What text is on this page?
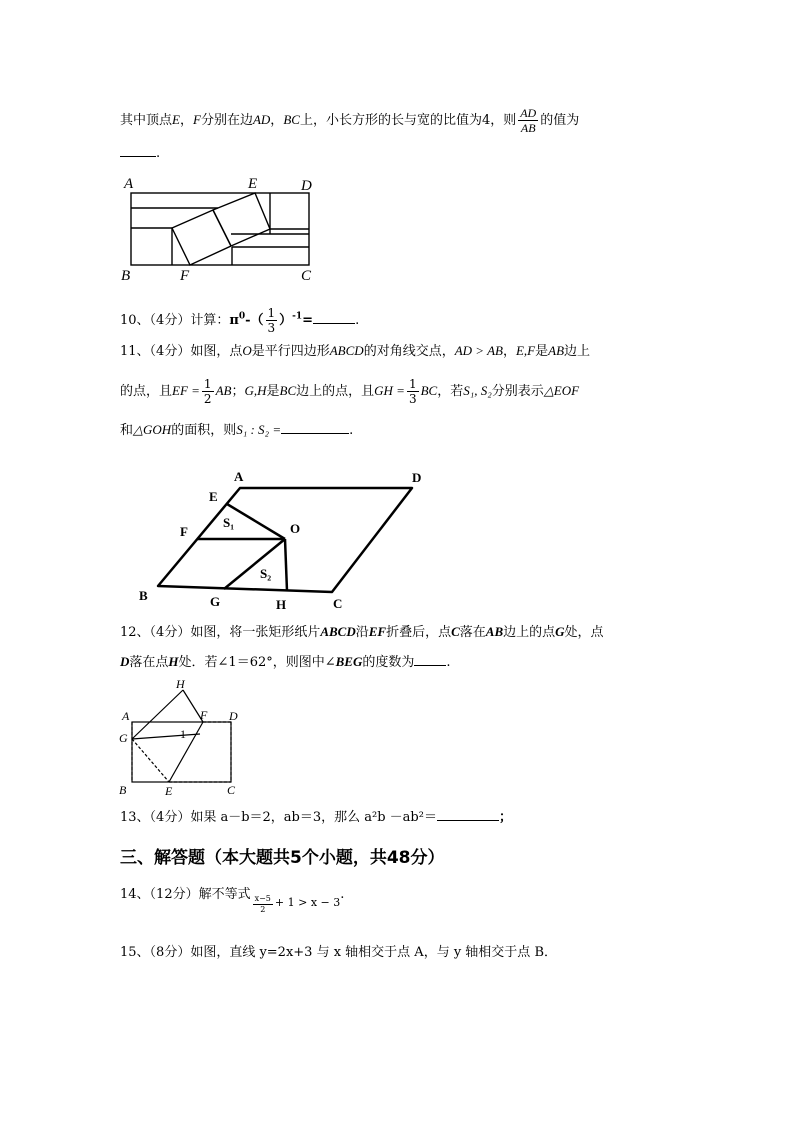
其中顶点E，F分别在边AD，BC上，小长方形的长与宽的比值为4，则 $\frac{AD}{AB}$ 的值为
.
A	E	D
B	F	C
10、（4分）计算：$\pi^0-( \frac{1}{3} )^{-1}=$	.
11、（4分）如图，点O是平行四边形ABCD的对角线交点，AD > AB，E,F是AB边上
的点，且EF = $\frac{1}{2}$ AB；G,H是BC边上的点，且GH = $\frac{1}{3}$ BC，若S₁, S₂分别表示△EOF
和△GOH的面积，则S₁ : S₂ =	.
A	D
E
F
S₁	O
S₂
B	G	H	C
12、（4分）如图，将一张矩形纸片ABCD沿EF折叠后，点C落在AB边上的点G处，点
D落在点H处．若∠1＝62°，则图中∠BEG的度数为 .
H
A	F D
G	1
B	E	C
13、（4分）如果 a－b＝2，ab＝3，那么 a²b －ab²＝	；
三、解答题（本大题共5个小题，共48分）
14、（12分）解不等式 $\frac{x-5}{2} _{+ 1 > x - 3}$.
15、（8分）如图，直线 y=2x+3 与 x 轴相交于点 A，与 y 轴相交于点 B．
